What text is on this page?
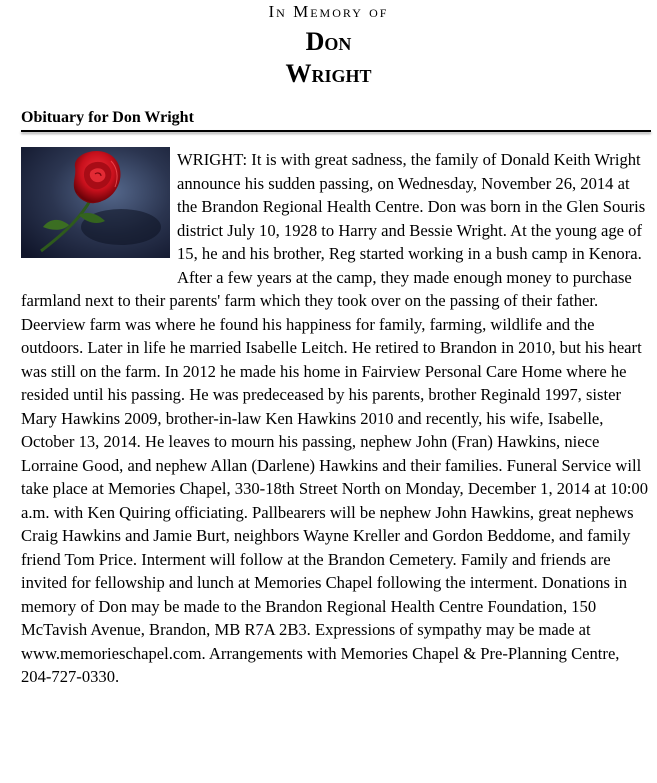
In Memory of
Don
Wright
Obituary for Don Wright

WRIGHT: It is with great sadness, the family of Donald Keith Wright announce his sudden passing, on Wednesday, November 26, 2014 at the Brandon Regional Health Centre. Don was born in the Glen Souris district July 10, 1928 to Harry and Bessie Wright. At the young age of 15, he and his brother, Reg started working in a bush camp in Kenora. After a few years at the camp, they made enough money to purchase farmland next to their parents' farm which they took over on the passing of their father. Deerview farm was where he found his happiness for family, farming, wildlife and the outdoors. Later in life he married Isabelle Leitch. He retired to Brandon in 2010, but his heart was still on the farm. In 2012 he made his home in Fairview Personal Care Home where he resided until his passing. He was predeceased by his parents, brother Reginald 1997, sister Mary Hawkins 2009, brother-in-law Ken Hawkins 2010 and recently, his wife, Isabelle, October 13, 2014. He leaves to mourn his passing, nephew John (Fran) Hawkins, niece Lorraine Good, and nephew Allan (Darlene) Hawkins and their families. Funeral Service will take place at Memories Chapel, 330-18th Street North on Monday, December 1, 2014 at 10:00 a.m. with Ken Quiring officiating. Pallbearers will be nephew John Hawkins, great nephews Craig Hawkins and Jamie Burt, neighbors Wayne Kreller and Gordon Beddome, and family friend Tom Price. Interment will follow at the Brandon Cemetery. Family and friends are invited for fellowship and lunch at Memories Chapel following the interment. Donations in memory of Don may be made to the Brandon Regional Health Centre Foundation, 150 McTavish Avenue, Brandon, MB R7A 2B3. Expressions of sympathy may be made at www.memorieschapel.com. Arrangements with Memories Chapel & Pre-Planning Centre, 204-727-0330.
